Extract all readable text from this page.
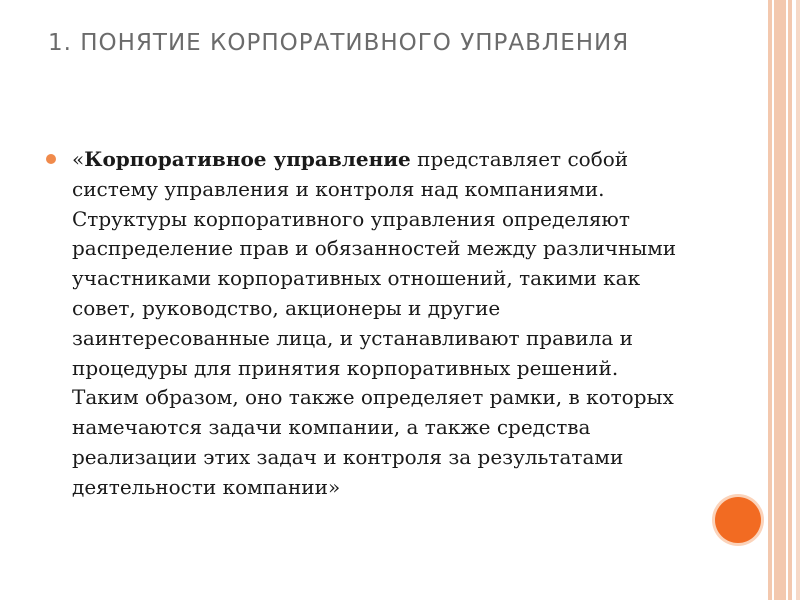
1. ПОНЯТИЕ КОРПОРАТИВНОГО УПРАВЛЕНИЯ
«Корпоративное управление представляет собой систему управления и контроля над компаниями. Структуры корпоративного управления определяют распределение прав и обязанностей между различными участниками корпоративных отношений, такими как совет, руководство, акционеры и другие заинтересованные лица, и устанавливают правила и процедуры для принятия корпоративных решений. Таким образом, оно также определяет рамки, в которых намечаются задачи компании, а также средства реализации этих задач и контроля за результатами деятельности компании»
